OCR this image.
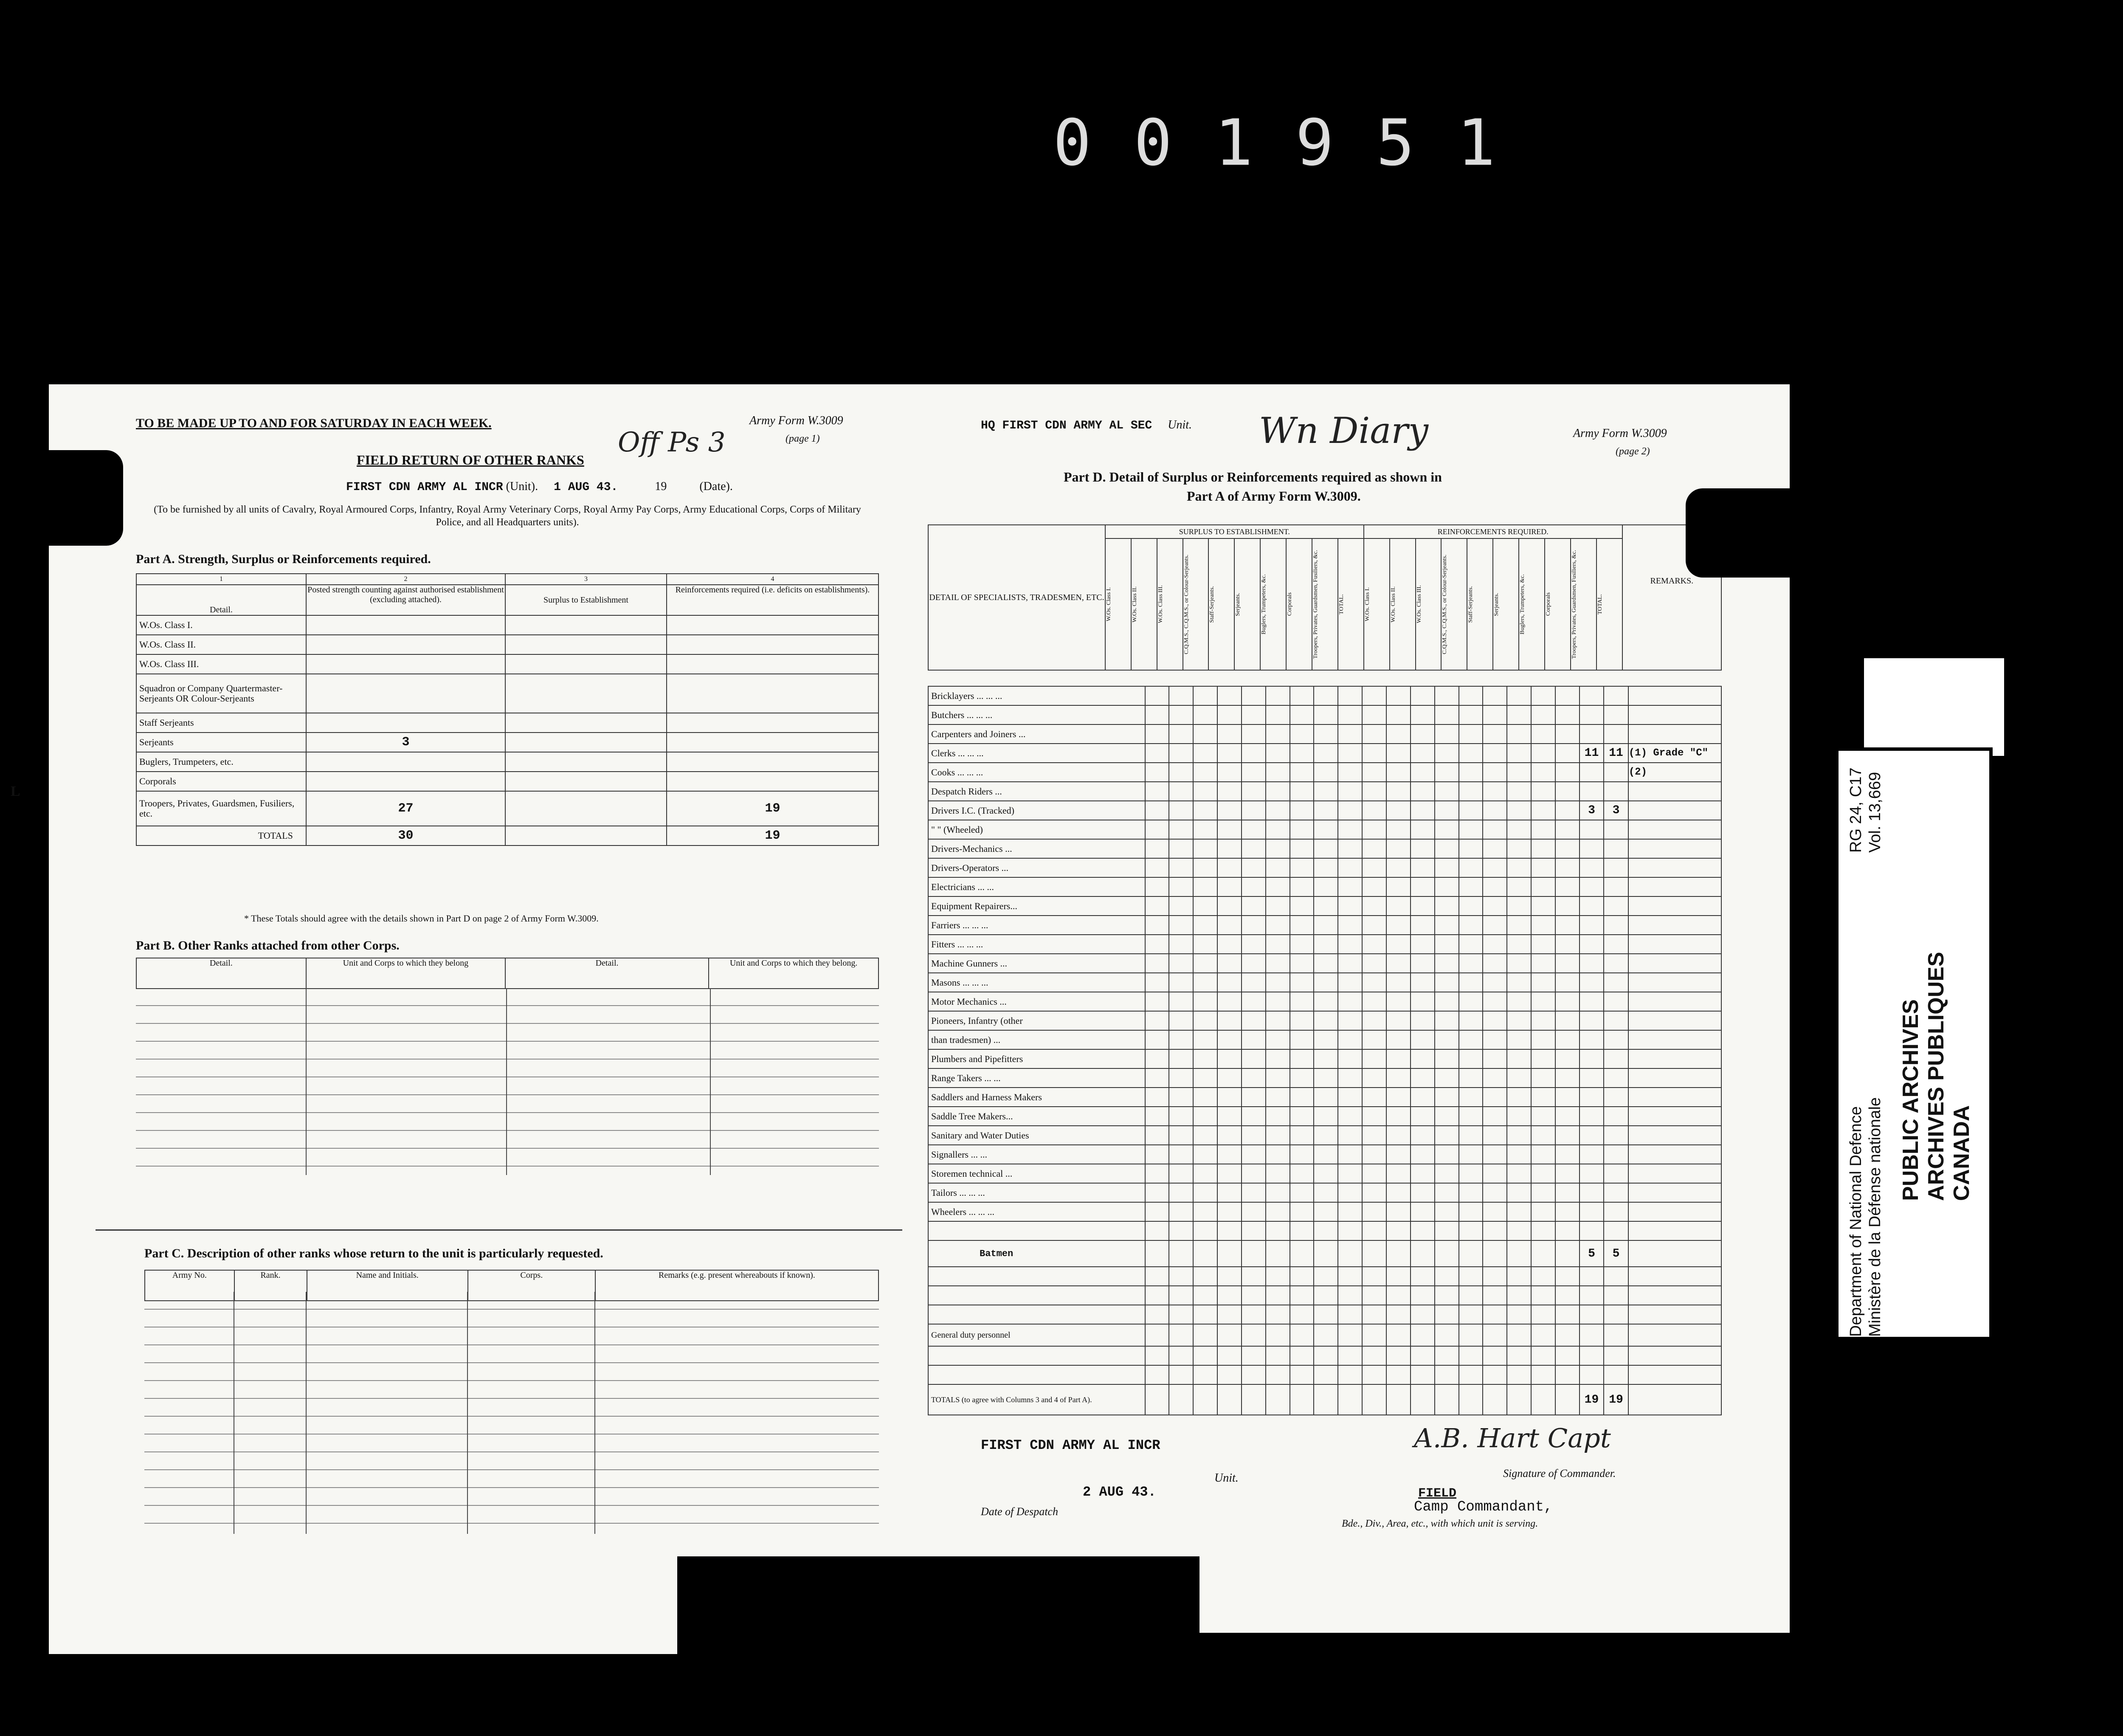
001951
TO BE MADE UP TO AND FOR SATURDAY IN EACH WEEK.	Army Form W.3009
(page 1)
FIELD RETURN OF OTHER RANKS
Off Ps 3
FIRST CDN ARMY AL INCR (Unit). 1 AUG 43.	19	(Date).
(To be furnished by all units of Cavalry, Royal Armoured Corps, Infantry, Royal Army Veterinary Corps, Royal Army Pay Corps, Army Educational Corps, Corps of Military Police, and all Headquarters units).
Part A. Strength, Surplus or Reinforcements required.
1	2	3	4
Detail.	Posted strength counting against authorised establishment (excluding attached).	Surplus to Establishment	Reinforcements required (i.e. deficits on establishments).
W.Os. Class I.			
W.Os. Class II.			
W.Os. Class III.			
Squadron or Company Quartermaster-Serjeants OR Colour-Serjeants			
Staff Serjeants			
Serjeants	3		
Buglers, Trumpeters, etc.			
Corporals			
Troopers, Privates, Guardsmen, Fusiliers, etc.	27		19
TOTALS	30		19
L
* These Totals should agree with the details shown in Part D on page 2 of Army Form W.3009.
Part B. Other Ranks attached from other Corps.
Detail.	Unit and Corps to which they belong	Detail.	Unit and Corps to which they belong.
Part C. Description of other ranks whose return to the unit is particularly requested.
Army No.	Rank.	Name and Initials.	Corps.	Remarks (e.g. present whereabouts if known).
HQ FIRST CDN ARMY AL SEC Unit. Wn Diary	Army Form W.3009
(page 2)
Part D. Detail of Surplus or Reinforcements required as shown in
Part A of Army Form W.3009.
DETAIL OF SPECIALISTS, TRADESMEN, ETC.	SURPLUS TO ESTABLISHMENT.										REINFORCEMENTS REQUIRED.										REMARKS.

	W.Os. Class I.	W.Os. Class II.	W.Os. Class III.	C.Q.M.S., C.Q.M.S., or Colour-Serjeants.	Staff-Serjeants.	Serjeants.	Buglers, Trumpeters, &c.	Corporals	Troopers, Privates, Guardsmen, Fusiliers, &c.	TOTAL.	W.Os. Class I.	W.Os. Class II.	W.Os. Class III.	C.Q.M.S., C.Q.M.S., or Colour-Serjeants.	Staff-Serjeants.	Serjeants.	Buglers, Trumpeters, &c.	Corporals	Troopers, Privates, Guardsmen, Fusiliers, &c.	TOTAL.	
Bricklayers ... ... ...																					
Butchers ... ... ...																					
Carpenters and Joiners ...																					
Clerks ... ... ...																			11	11	(1) Grade "C"
Cooks ... ... ...																					(2)
Despatch Riders ...																					
Drivers I.C. (Tracked)																			3	3	
" " (Wheeled)																					
Drivers-Mechanics ...																					
Drivers-Operators ...																					
Electricians ... ...																					
Equipment Repairers...																					
Farriers ... ... ...																					
Fitters ... ... ...																					
Machine Gunners ...																					
Masons ... ... ...																					
Motor Mechanics ...																					
Pioneers, Infantry (other																					
than tradesmen) ...																					
Plumbers and Pipefitters																					
Range Takers ... ...																					
Saddlers and Harness Makers																					
Saddle Tree Makers...																					
Sanitary and Water Duties																					
Signallers ... ...																					
Storemen technical ...																					
Tailors ... ... ...																					
Wheelers ... ... ...																					

Batmen																			5	5	

General duty personnel																					

TOTALS (to agree with Columns 3 and 4 of Part A).																			19	19	
Department of National Defence Ministère de la Défense nationale
RG 24, C17 Vol. 13,669
PUBLIC ARCHIVES ARCHIVES PUBLIQUES CANADA
FIRST CDN ARMY AL INCR
Unit.
A.B. Hart Capt
Signature of Commander.
Date of Despatch
2 AUG 43.	FIELD
Camp Commandant,
Bde., Div., Area, etc., with which unit is serving.
